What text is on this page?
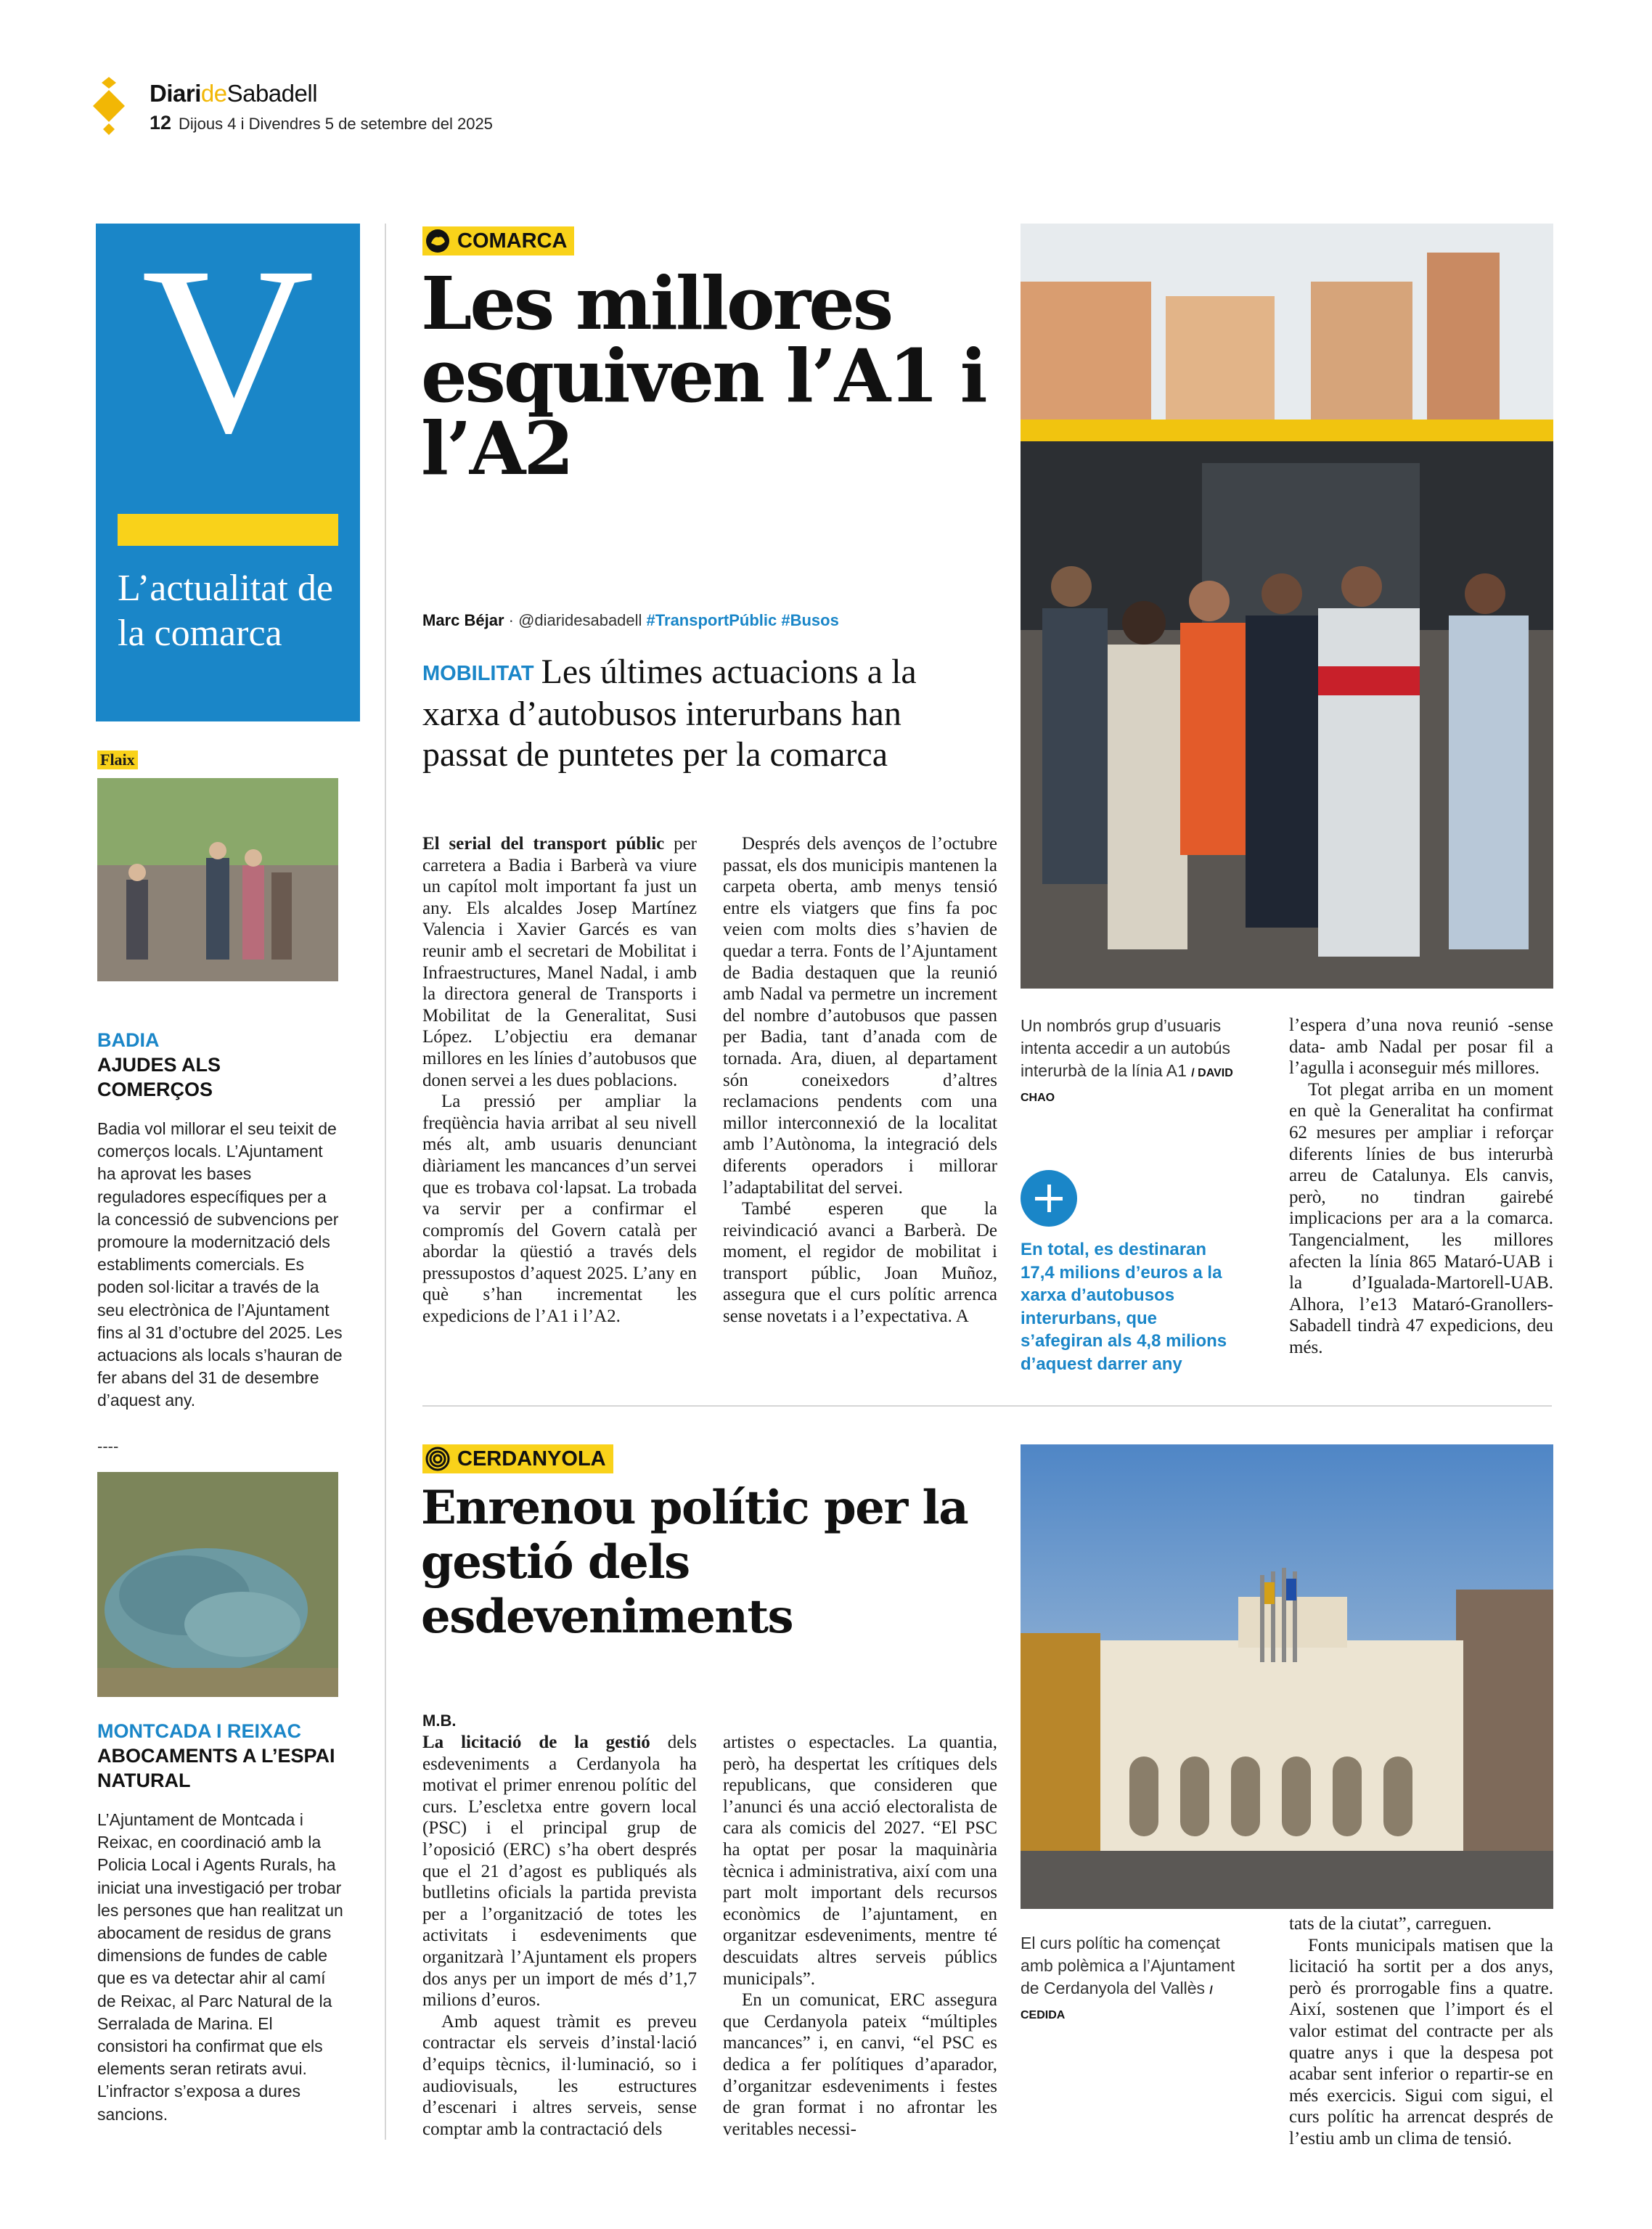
DiarideSabadell
12 Dijous 4 i Divendres 5 de setembre del 2025
V
L’actualitat de la comarca
Flaix
BADIA
AJUDES ALS COMERÇOS
Badia vol millorar el seu teixit de comerços locals. L’Ajuntament ha aprovat les bases reguladores específiques per a la concessió de subvencions per promoure la modernització dels establiments comercials. Es poden sol·licitar a través de la seu electrònica de l’Ajuntament fins al 31 d’octubre del 2025. Les actuacions als locals s’hauran de fer abans del 31 de desembre d’aquest any.
----
MONTCADA I REIXAC
ABOCAMENTS A L’ESPAI NATURAL
L’Ajuntament de Montcada i Reixac, en coordinació amb la Policia Local i Agents Rurals, ha iniciat una investigació per trobar les persones que han realitzat un abocament de residus de grans dimensions de fundes de cable que es va detectar ahir al camí de Reixac, al Parc Natural de la Serralada de Marina. El consistori ha confirmat que els elements seran retirats avui. L’infractor s’exposa a dures sancions.
COMARCA
Les millores esquiven l’A1 i l’A2
Marc Béjar · @diaridesabadell #TransportPúblic #Busos
MOBILITAT Les últimes actuacions a la xarxa d’autobusos interurbans han passat de puntetes per la comarca

El serial del transport públic per carretera a Badia i Barberà va viure un capítol molt important fa just un any. Els alcaldes Josep Martínez Valencia i Xavier Garcés es van reunir amb el secretari de Mobilitat i Infraestructures, Manel Nadal, i amb la directora general de Transports i Mobilitat de la Generalitat, Susi López. L’objectiu era demanar millores en les línies d’autobusos que donen servei a les dues poblacions.

La pressió per ampliar la freqüència havia arribat al seu nivell més alt, amb usuaris denunciant diàriament les mancances d’un servei que es trobava col·lapsat. La trobada va servir per a confirmar el compromís del Govern català per abordar la qüestió a través dels pressupostos d’aquest 2025. L’any en què s’han incrementat les expedicions de l’A1 i l’A2.

Després dels avenços de l’octubre passat, els dos municipis mantenen la carpeta oberta, amb menys tensió entre els viatgers que fins fa poc veien com molts dies s’havien de quedar a terra. Fonts de l’Ajuntament de Badia destaquen que la reunió amb Nadal va permetre un increment del nombre d’autobusos que passen per Badia, tant d’anada com de tornada. Ara, diuen, al departament són coneixedors d’altres reclamacions pendents com una millor interconnexió de la localitat amb l’Autònoma, la integració dels diferents operadors i millorar l’adaptabilitat del servei.

També esperen que la reivindicació avanci a Barberà. De moment, el regidor de mobilitat i transport públic, Joan Muñoz, assegura que el curs polític arrenca sense novetats i a l’expectativa. A

l’espera d’una nova reunió -sense data- amb Nadal per posar fil a l’agulla i aconseguir més millores.

Tot plegat arriba en un moment en què la Generalitat ha confirmat 62 mesures per ampliar i reforçar diferents línies de bus interurbà arreu de Catalunya. Els canvis, però, no tindran gairebé implicacions per ara a la comarca. Tangencialment, les millores afecten la línia 865 Mataró-UAB i la d’Igualada-Martorell-UAB. Alhora, l’e13 Mataró-Granollers-Sabadell tindrà 47 expedicions, deu més.

Un nombrós grup d’usuaris intenta accedir a un autobús interurbà de la línia A1 / DAVID CHAO
En total, es destinaran 17,4 milions d’euros a la xarxa d’autobusos interurbans, que s’afegiran als 4,8 milions d’aquest darrer any
CERDANYOLA
Enrenou polític per la gestió dels esdeveniments
M.B.

La licitació de la gestió dels esdeveniments a Cerdanyola ha motivat el primer enrenou polític del curs. L’escletxa entre govern local (PSC) i el principal grup de l’oposició (ERC) s’ha obert després que el 21 d’agost es publiqués als butlletins oficials la partida prevista per a l’organització de totes les activitats i esdeveniments que organitzarà l’Ajuntament els propers dos anys per un import de més d’1,7 milions d’euros.

Amb aquest tràmit es preveu contractar els serveis d’instal·lació d’equips tècnics, il·luminació, so i audiovisuals, les estructures d’escenari i altres serveis, sense comptar amb la contractació dels

artistes o espectacles. La quantia, però, ha despertat les crítiques dels republicans, que consideren que l’anunci és una acció electoralista de cara als comicis del 2027. “El PSC ha optat per posar la maquinària tècnica i administrativa, així com una part molt important dels recursos econòmics de l’ajuntament, en organitzar esdeveniments, mentre té descuidats altres serveis públics municipals”.

En un comunicat, ERC assegura que Cerdanyola pateix “múltiples mancances” i, en canvi, “el PSC es dedica a fer polítiques d’aparador, d’organitzar esdeveniments i festes de gran format i no afrontar les veritables necessi-

tats de la ciutat”, carreguen.

Fonts municipals matisen que la licitació ha sortit per a dos anys, però és prorrogable fins a quatre. Així, sostenen que l’import és el valor estimat del contracte per als quatre anys i que la despesa pot acabar sent inferior o repartir-se en més exercicis. Sigui com sigui, el curs polític ha arrencat després de l’estiu amb un clima de tensió.

El curs polític ha començat amb polèmica a l’Ajuntament de Cerdanyola del Vallès / CEDIDA
